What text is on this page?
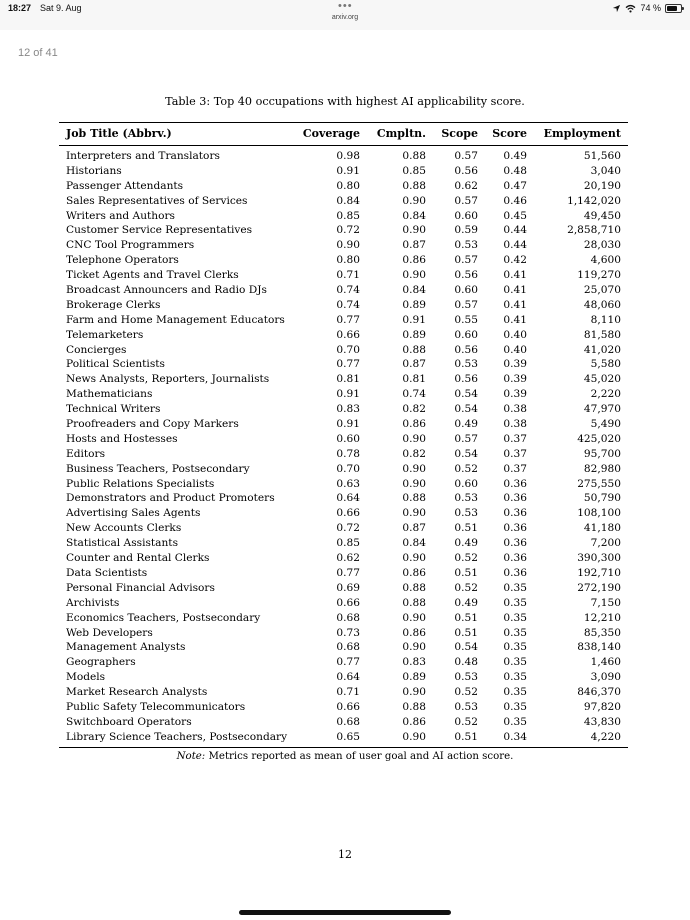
18:27 Sat 9. Aug	•••
arxiv.org
74 %
12 of 41
Table 3: Top 40 occupations with highest AI applicability score.
Job Title (Abbrv.)	Coverage Cmpltn. Scope Score Employment
Interpreters and Translators	0.98	0.88	0.57 0.49	51,560
Historians	0.91	0.85	0.56 0.48	3,040
Passenger Attendants	0.80	0.88	0.62 0.47	20,190
Sales Representatives of Services	0.84	0.90	0.57 0.46	1,142,020
Writers and Authors	0.85	0.84	0.60 0.45	49,450
Customer Service Representatives	0.72	0.90	0.59 0.44	2,858,710
CNC Tool Programmers	0.90	0.87	0.53 0.44	28,030
Telephone Operators	0.80	0.86	0.57 0.42	4,600
Ticket Agents and Travel Clerks	0.71	0.90	0.56 0.41	119,270
Broadcast Announcers and Radio DJs	0.74	0.84	0.60 0.41	25,070
Brokerage Clerks	0.74	0.89	0.57 0.41	48,060
Farm and Home Management Educators	0.77	0.91	0.55 0.41	8,110
Telemarketers	0.66	0.89	0.60 0.40	81,580
Concierges	0.70	0.88	0.56 0.40	41,020
Political Scientists	0.77	0.87	0.53 0.39	5,580
News Analysts, Reporters, Journalists	0.81	0.81	0.56 0.39	45,020
Mathematicians	0.91	0.74	0.54 0.39	2,220
Technical Writers	0.83	0.82	0.54 0.38	47,970
Proofreaders and Copy Markers	0.91	0.86	0.49 0.38	5,490
Hosts and Hostesses	0.60	0.90	0.57 0.37	425,020
Editors	0.78	0.82	0.54 0.37	95,700
Business Teachers, Postsecondary	0.70	0.90	0.52 0.37	82,980
Public Relations Specialists	0.63	0.90	0.60 0.36	275,550
Demonstrators and Product Promoters	0.64	0.88	0.53 0.36	50,790
Advertising Sales Agents	0.66	0.90	0.53 0.36	108,100
New Accounts Clerks	0.72	0.87	0.51 0.36	41,180
Statistical Assistants	0.85	0.84	0.49 0.36	7,200
Counter and Rental Clerks	0.62	0.90	0.52 0.36	390,300
Data Scientists	0.77	0.86	0.51 0.36	192,710
Personal Financial Advisors	0.69	0.88	0.52 0.35	272,190
Archivists	0.66	0.88	0.49 0.35	7,150
Economics Teachers, Postsecondary	0.68	0.90	0.51 0.35	12,210
Web Developers	0.73	0.86	0.51 0.35	85,350
Management Analysts	0.68	0.90	0.54 0.35	838,140
Geographers	0.77	0.83	0.48 0.35	1,460
Models	0.64	0.89	0.53 0.35	3,090
Market Research Analysts	0.71	0.90	0.52 0.35	846,370
Public Safety Telecommunicators	0.66	0.88	0.53 0.35	97,820
Switchboard Operators	0.68	0.86	0.52 0.35	43,830
Library Science Teachers, Postsecondary	0.65	0.90	0.51 0.34	4,220
Note: Metrics reported as mean of user goal and AI action score.
12
